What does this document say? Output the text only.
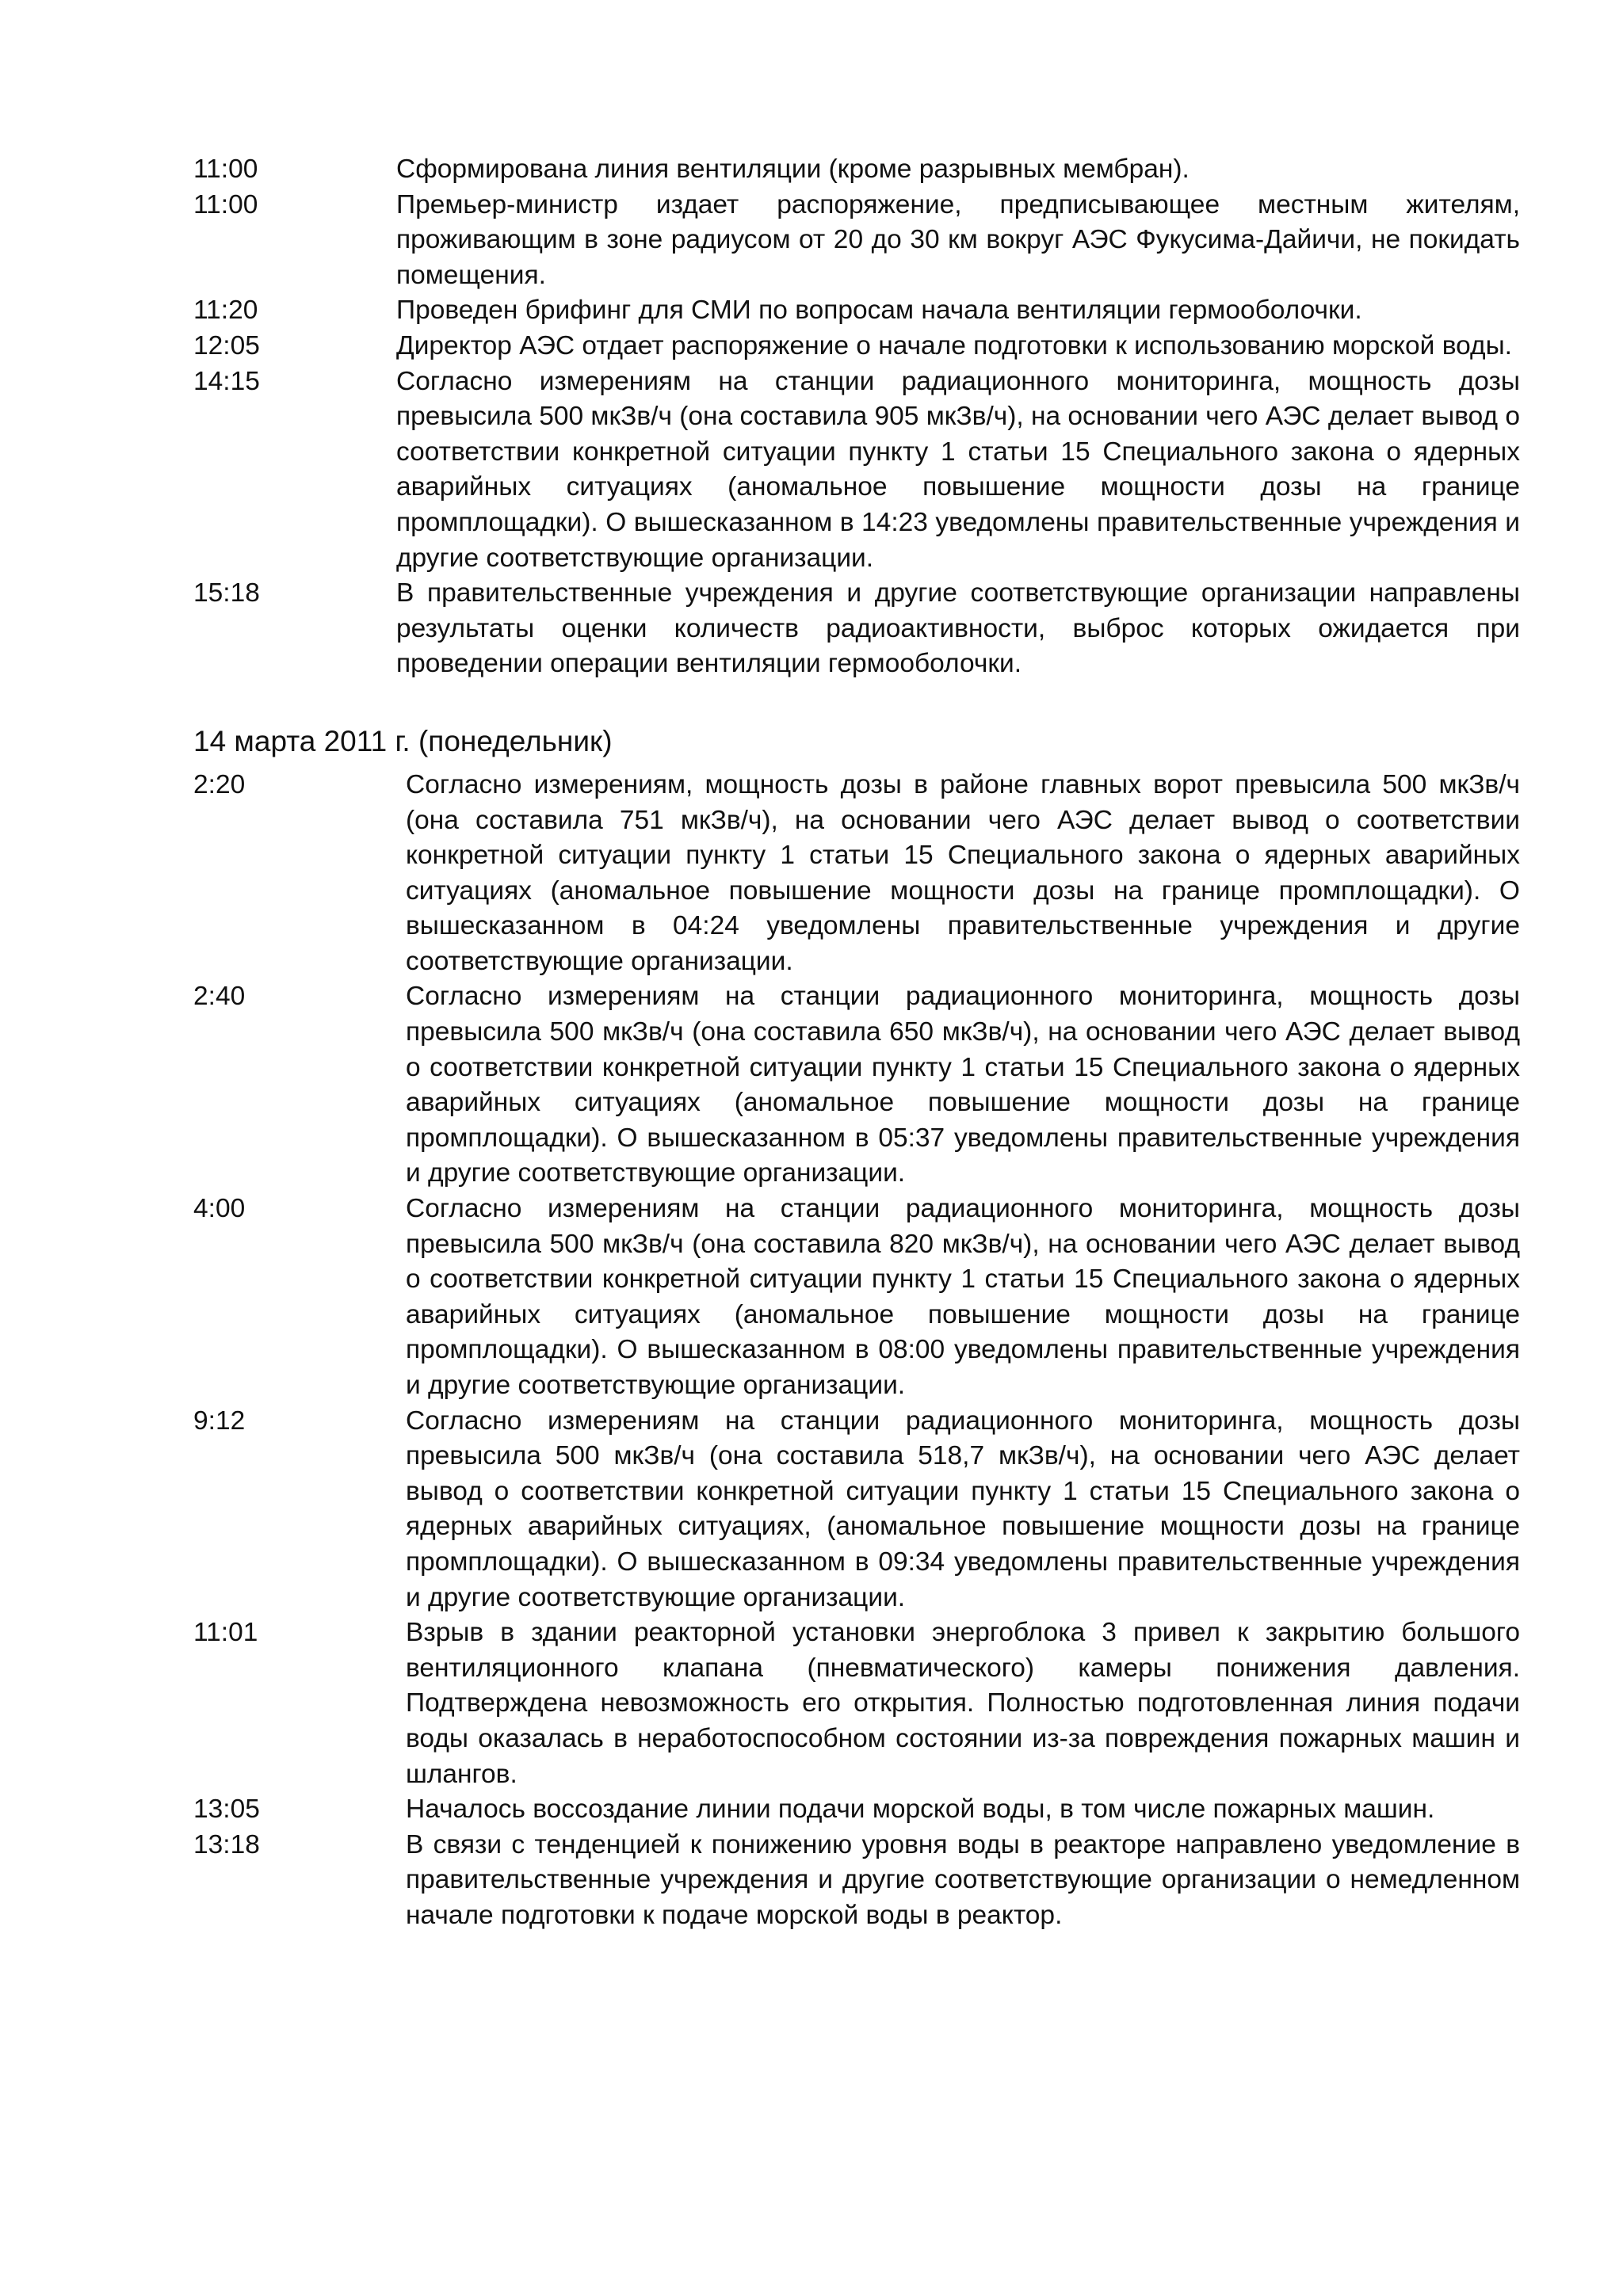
11:00	Сформирована линия вентиляции (кроме разрывных мембран).
11:00	Премьер-министр издает распоряжение, предписывающее местным жителям, проживающим в зоне радиусом от 20 до 30 км вокруг АЭС Фукусима-Дайичи, не покидать помещения.
11:20	Проведен брифинг для СМИ по вопросам начала вентиляции гермооболочки.
12:05	Директор АЭС отдает распоряжение о начале подготовки к использованию морской воды.
14:15	Согласно измерениям на станции радиационного мониторинга, мощность дозы превысила 500 мкЗв/ч (она составила 905 мкЗв/ч), на основании чего АЭС делает вывод о соответствии конкретной ситуации пункту 1 статьи 15 Специального закона о ядерных аварийных ситуациях (аномальное повышение мощности дозы на границе промплощадки). О вышесказанном в 14:23 уведомлены правительственные учреждения и другие соответствующие организации.
15:18	В правительственные учреждения и другие соответствующие организации направлены результаты оценки количеств радиоактивности, выброс которых ожидается при проведении операции вентиляции гермооболочки.
14 марта 2011 г. (понедельник)
2:20	Согласно измерениям, мощность дозы в районе главных ворот превысила 500 мкЗв/ч (она составила 751 мкЗв/ч), на основании чего АЭС делает вывод о соответствии конкретной ситуации пункту 1 статьи 15 Специального закона о ядерных аварийных ситуациях (аномальное повышение мощности дозы на границе промплощадки). О вышесказанном в 04:24 уведомлены правительственные учреждения и другие соответствующие организации.
2:40	Согласно измерениям на станции радиационного мониторинга, мощность дозы превысила 500 мкЗв/ч (она составила 650 мкЗв/ч), на основании чего АЭС делает вывод о соответствии конкретной ситуации пункту 1 статьи 15 Специального закона о ядерных аварийных ситуациях (аномальное повышение мощности дозы на границе промплощадки). О вышесказанном в 05:37 уведомлены правительственные учреждения и другие соответствующие организации.
4:00	Согласно измерениям на станции радиационного мониторинга, мощность дозы превысила 500 мкЗв/ч (она составила 820 мкЗв/ч), на основании чего АЭС делает вывод о соответствии конкретной ситуации пункту 1 статьи 15 Специального закона о ядерных аварийных ситуациях (аномальное повышение мощности дозы на границе промплощадки). О вышесказанном в 08:00 уведомлены правительственные учреждения и другие соответствующие организации.
9:12	Согласно измерениям на станции радиационного мониторинга, мощность дозы превысила 500 мкЗв/ч (она составила 518,7 мкЗв/ч), на основании чего АЭС делает вывод о соответствии конкретной ситуации пункту 1 статьи 15 Специального закона о ядерных аварийных ситуациях, (аномальное повышение мощности дозы на границе промплощадки). О вышесказанном в 09:34 уведомлены правительственные учреждения и другие соответствующие организации.
11:01	Взрыв в здании реакторной установки энергоблока 3 привел к закрытию большого вентиляционного клапана (пневматического) камеры понижения давления. Подтверждена невозможность его открытия. Полностью подготовленная линия подачи воды оказалась в неработоспособном состоянии из-за повреждения пожарных машин и шлангов.
13:05	Началось воссоздание линии подачи морской воды, в том числе пожарных машин.
13:18	В связи с тенденцией к понижению уровня воды в реакторе направлено уведомление в правительственные учреждения и другие соответствующие организации о немедленном начале подготовки к подаче морской воды в реактор.
